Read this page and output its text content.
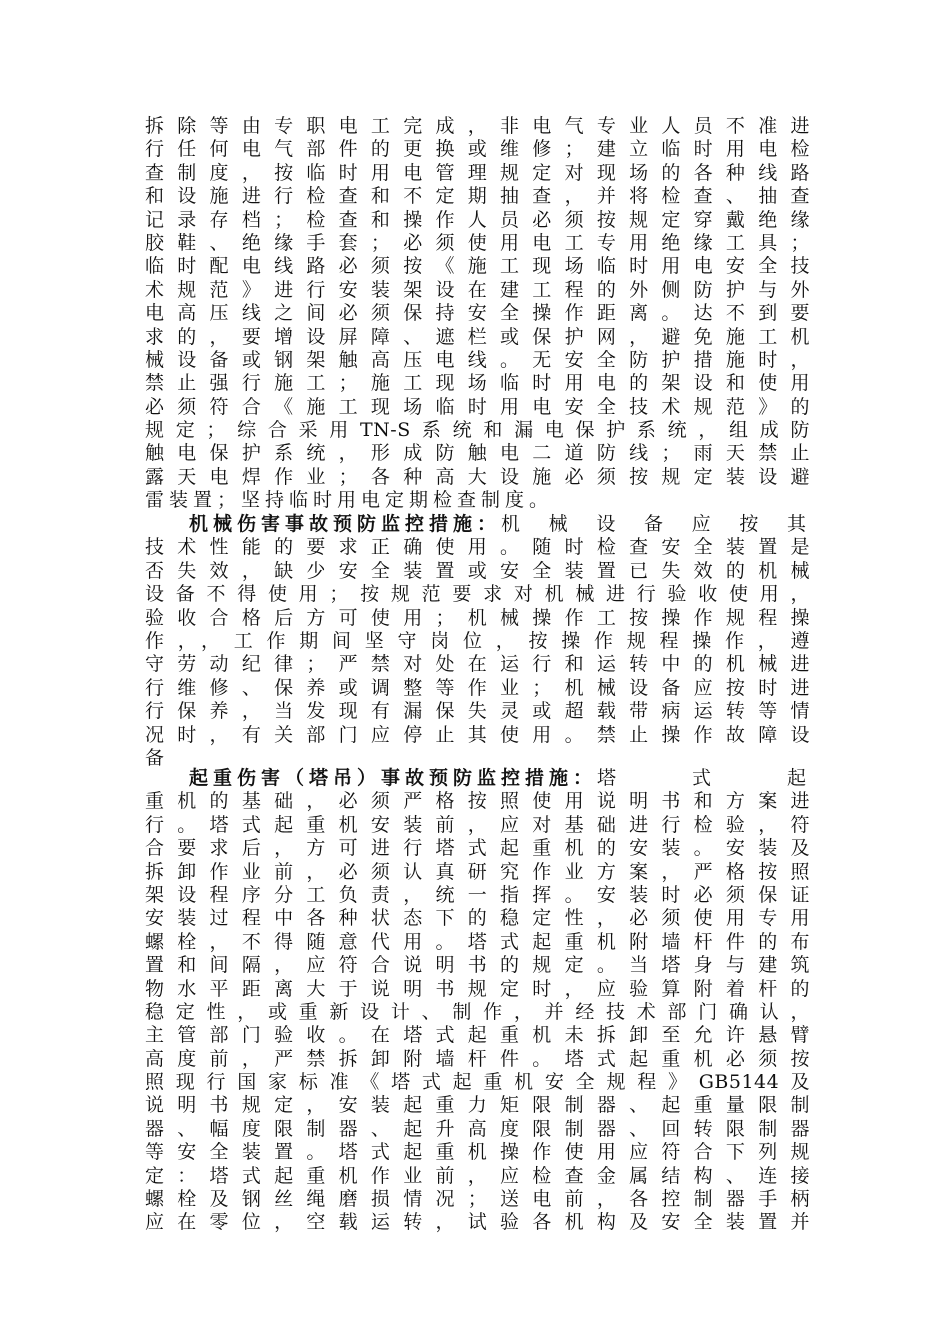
拆除等由专职电工完成，非电气专业人员不准进
行任何电气部件的更换或维修；建立临时用电检
查制度，按临时用电管理规定对现场的各种线路
和设施进行检查和不定期抽查，并将检查、抽查
记录存档；检查和操作人员必须按规定穿戴绝缘
胶鞋、绝缘手套；必须使用电工专用绝缘工具；
临时配电线路必须按《施工现场临时用电安全技
术规范》进行安装架设在建工程的外侧防护与外
电高压线之间必须保持安全操作距离。达不到要
求的，要增设屏障、遮栏或保护网，避免施工机
械设备或钢架触高压电线。无安全防护措施时，
禁止强行施工；施工现场临时用电的架设和使用
必须符合《施工现场临时用电安全技术规范》的
规定；综合采用TN-S系统和漏电保护系统，组成防
触电保护系统，形成防触电二道防线；雨天禁止
露天电焊作业；各种高大设施必须按规定装设避
雷装置；坚持临时用电定期检查制度。
机械伤害事故预防监控措施： 机械设备应按其
技术性能的要求正确使用。随时检查安全装置是
否失效，缺少安全装置或安全装置已失效的机械
设备不得使用；按规范要求对机械进行验收使用，
验收合格后方可使用；机械操作工按操作规程操
作，，工作期间坚守岗位，按操作规程操作，遵
守劳动纪律；严禁对处在运行和运转中的机械进
行维修、保养或调整等作业；机械设备应按时进
行保养，当发现有漏保失灵或超载带病运转等情
况时，有关部门应停止其使用。禁止操作故障设
备
起重伤害（塔吊）事故预防监控措施： 塔式起
重机的基础，必须严格按照使用说明书和方案进
行。塔式起重机安装前，应对基础进行检验，符
合要求后，方可进行塔式起重机的安装。安装及
拆卸作业前，必须认真研究作业方案，严格按照
架设程序分工负责，统一指挥。安装时必须保证
安装过程中各种状态下的稳定性，必须使用专用
螺栓，不得随意代用。塔式起重机附墙杆件的布
置和间隔，应符合说明书的规定。当塔身与建筑
物水平距离大于说明书规定时，应验算附着杆的
稳定性，或重新设计、制作，并经技术部门确认，
主管部门验收。在塔式起重机未拆卸至允许悬臂
高度前，严禁拆卸附墙杆件。塔式起重机必须按
照现行国家标准《塔式起重机安全规程》GB5144及
说明书规定，安装起重力矩限制器、起重量限制
器、幅度限制器、起升高度限制器、回转限制器
等安全装置。塔式起重机操作使用应符合下列规
定：塔式起重机作业前，应检查金属结构、连接
螺栓及钢丝绳磨损情况；送电前，各控制器手柄
应在零位，空载运转，试验各机构及安全装置并
